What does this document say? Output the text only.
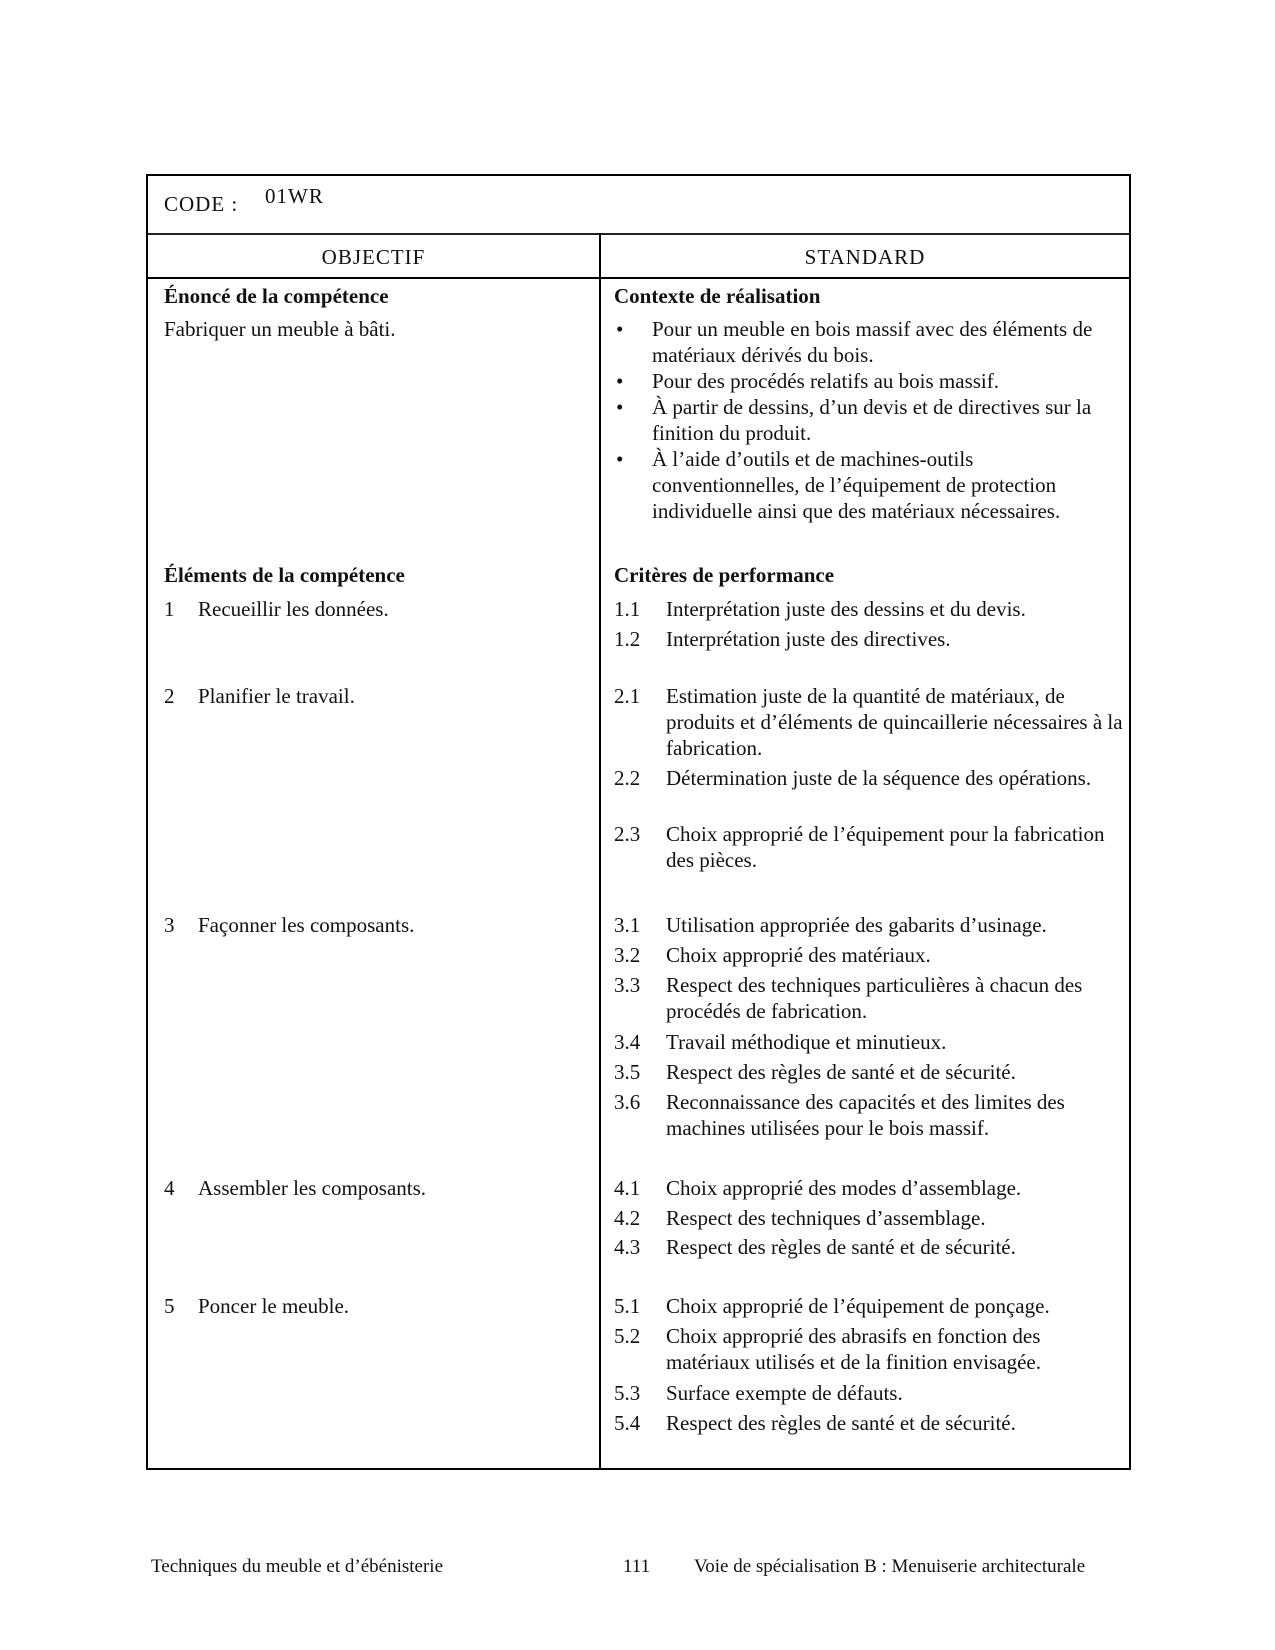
CODE : 01WR
OBJECTIF	STANDARD
Énoncé de la compétence
Fabriquer un meuble à bâti.
Éléments de la compétence
1 Recueillir les données.
2 Planifier le travail.
3 Façonner les composants.
4 Assembler les composants.
5 Poncer le meuble.
Contexte de réalisation
• Pour un meuble en bois massif avec des éléments de matériaux dérivés du bois.
• Pour des procédés relatifs au bois massif.
• À partir de dessins, d’un devis et de directives sur la finition du produit.
• À l’aide d’outils et de machines-outils conventionnelles, de l’équipement de protection individuelle ainsi que des matériaux nécessaires.
Critères de performance
1.1 Interprétation juste des dessins et du devis.
1.2 Interprétation juste des directives.
2.1 Estimation juste de la quantité de matériaux, de produits et d’éléments de quincaillerie nécessaires à la fabrication.
2.2 Détermination juste de la séquence des opérations.
2.3 Choix approprié de l’équipement pour la fabrication des pièces.
3.1 Utilisation appropriée des gabarits d’usinage.
3.2 Choix approprié des matériaux.
3.3 Respect des techniques particulières à chacun des procédés de fabrication.
3.4 Travail méthodique et minutieux.
3.5 Respect des règles de santé et de sécurité.
3.6 Reconnaissance des capacités et des limites des machines utilisées pour le bois massif.
4.1 Choix approprié des modes d’assemblage.
4.2 Respect des techniques d’assemblage.
4.3 Respect des règles de santé et de sécurité.
5.1 Choix approprié de l’équipement de ponçage.
5.2 Choix approprié des abrasifs en fonction des matériaux utilisés et de la finition envisagée.
5.3 Surface exempte de défauts.
5.4 Respect des règles de santé et de sécurité.
Techniques du meuble et d’ébénisterie	111 Voie de spécialisation B : Menuiserie architecturale
